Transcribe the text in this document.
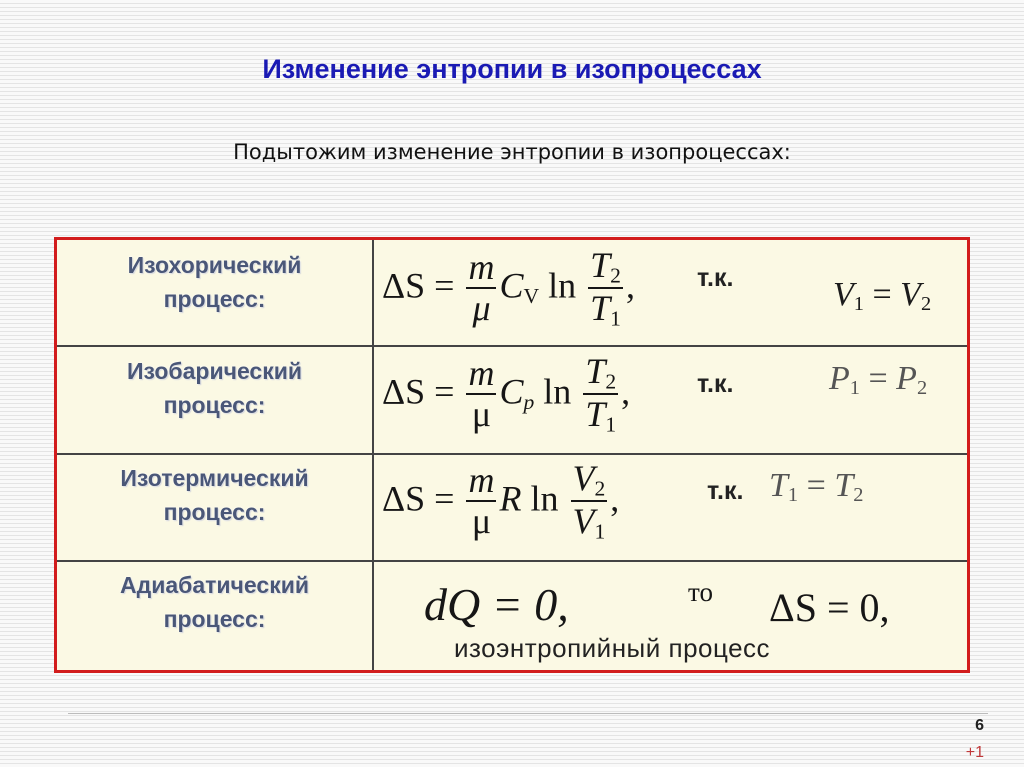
Изменение энтропии в изопроцессах
Подытожим изменение энтропии в изопроцессах:
Изохорический
процесс:	$\Delta S = \frac{m}{\mu} C_V$ $\ln \frac{T_2}{T_1}$ , т.к.	$V_1 = V_2$
Изобарический
процесс:	$\Delta S = \frac{m}{\mu} C_p$ $\ln \frac{T_2}{T_1}$ ,	т.к.	$P_1 = P_2$
Изотермический
процесс:	$\Delta S = \frac{m}{\mu}$ R $\ln \frac{V_2}{V_1}$ ,	т.к. $T_1 = T_2$
Адиабатический
процесс:	dQ = 0,	то ΔS = 0,
изоэнтропийный процесс
6
+1
